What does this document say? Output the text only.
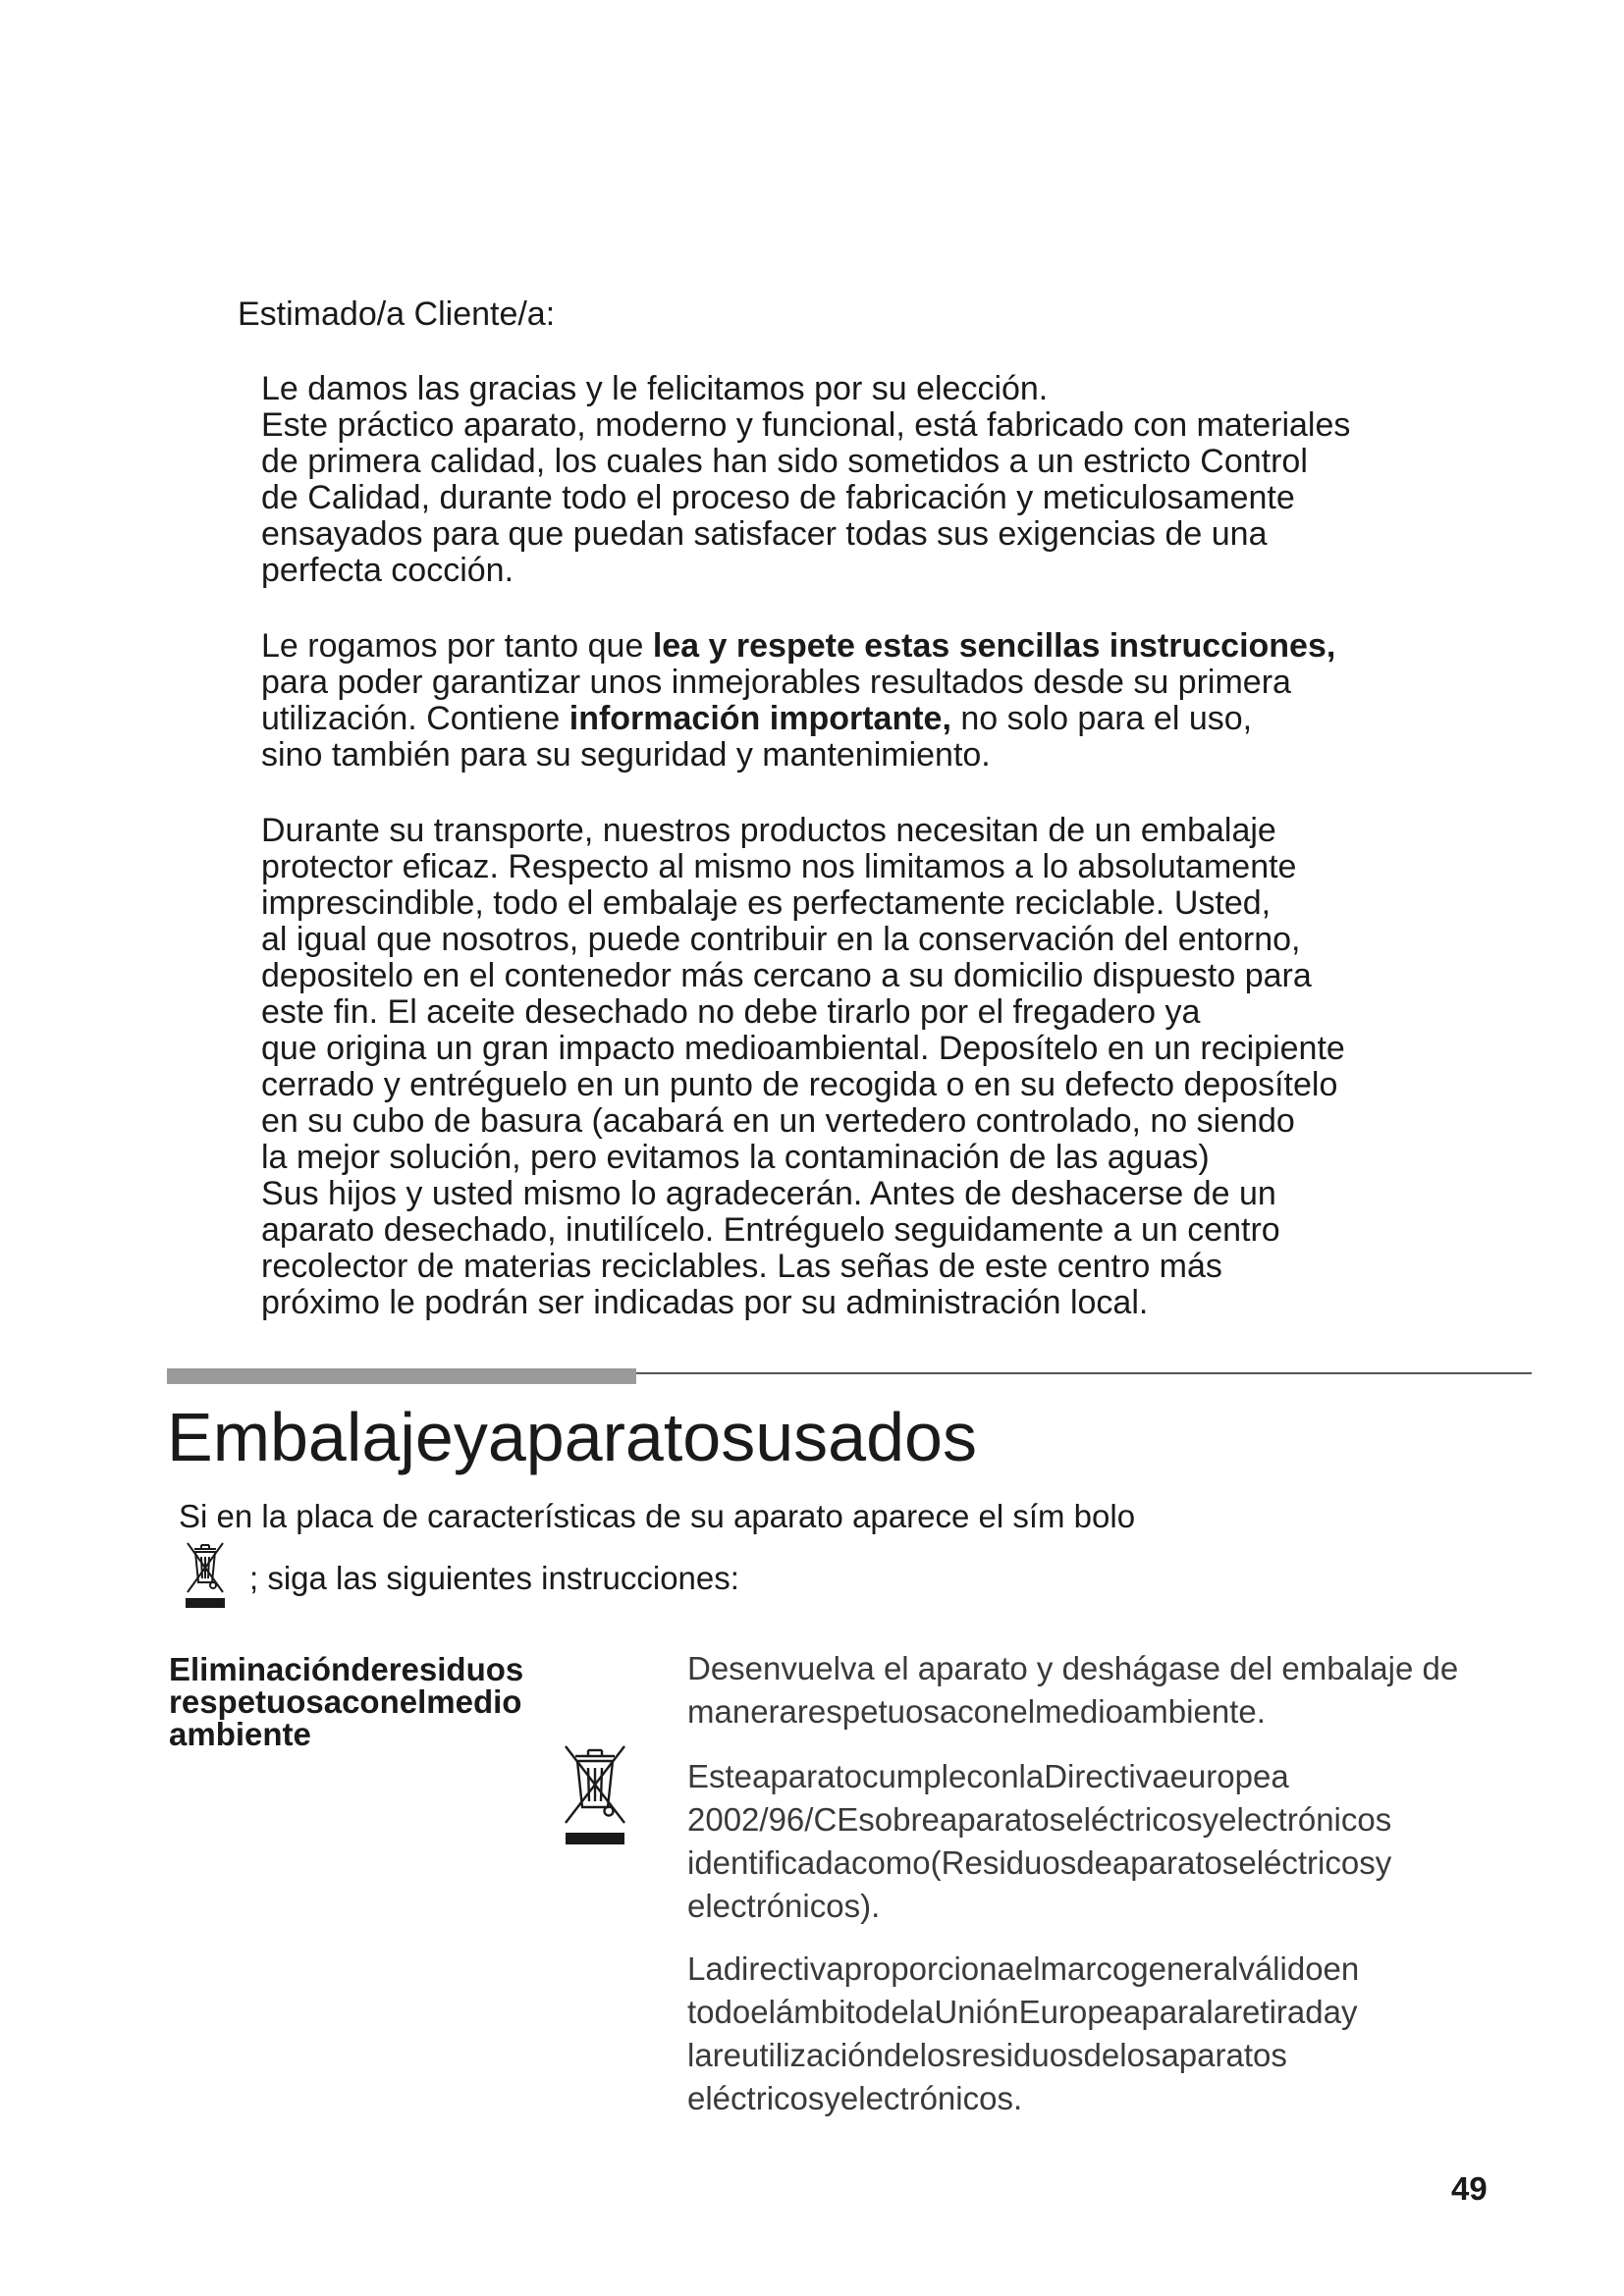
Estimado/a Cliente/a:
Le damos las gracias y le felicitamos por su elección.
Este práctico aparato, moderno y funcional, está fabricado con materiales
de primera calidad, los cuales han sido sometidos a un estricto Control
de Calidad, durante todo el proceso de fabricación y meticulosamente
ensayados para que puedan satisfacer todas sus exigencias de una
perfecta cocción.
Le rogamos por tanto que lea y respete estas sencillas instrucciones,
para poder garantizar unos inmejorables resultados desde su primera
utilización. Contiene información importante, no solo para el uso,
sino también para su seguridad y mantenimiento.
Durante su transporte, nuestros productos necesitan de un embalaje
protector eficaz. Respecto al mismo nos limitamos a lo absolutamente
imprescindible, todo el embalaje es perfectamente reciclable. Usted,
al igual que nosotros, puede contribuir en la conservación del entorno,
depositelo en el contenedor más cercano a su domicilio dispuesto para
este fin. El aceite desechado no debe tirarlo por el fregadero ya
que origina un gran impacto medioambiental. Deposítelo en un recipiente
cerrado y entréguelo en un punto de recogida o en su defecto deposítelo
en su cubo de basura (acabará en un vertedero controlado, no siendo
la mejor solución, pero evitamos la contaminación de las aguas)
Sus hijos y usted mismo lo agradecerán. Antes de deshacerse de un
aparato desechado, inutilícelo. Entréguelo seguidamente a un centro
recolector de materias reciclables. Las señas de este centro más
próximo le podrán ser indicadas por su administración local.
Embalajeyaparatosusados
Si en la placa de características de su aparato aparece el sím bolo
; siga las siguientes instrucciones:
Eliminaciónderesiduos
respetuosaconelmedio
ambiente
Desenvuelva el aparato y deshágase del embalaje de
manerarespetuosaconelmedioambiente.
EsteaparatocumpleconlaDirectivaeuropea
2002/96/CEsobreaparatoseléctricosyelectrónicos
identificadacomo(Residuosdeaparatoseléctricosy
electrónicos).
Ladirectivaproporcionaelmarcogeneralválidoen
todoelámbitodelaUniónEuropeaparalaretiraday
lareutilizacióndelosresiduosdelosaparatos
eléctricosyelectrónicos.
49
